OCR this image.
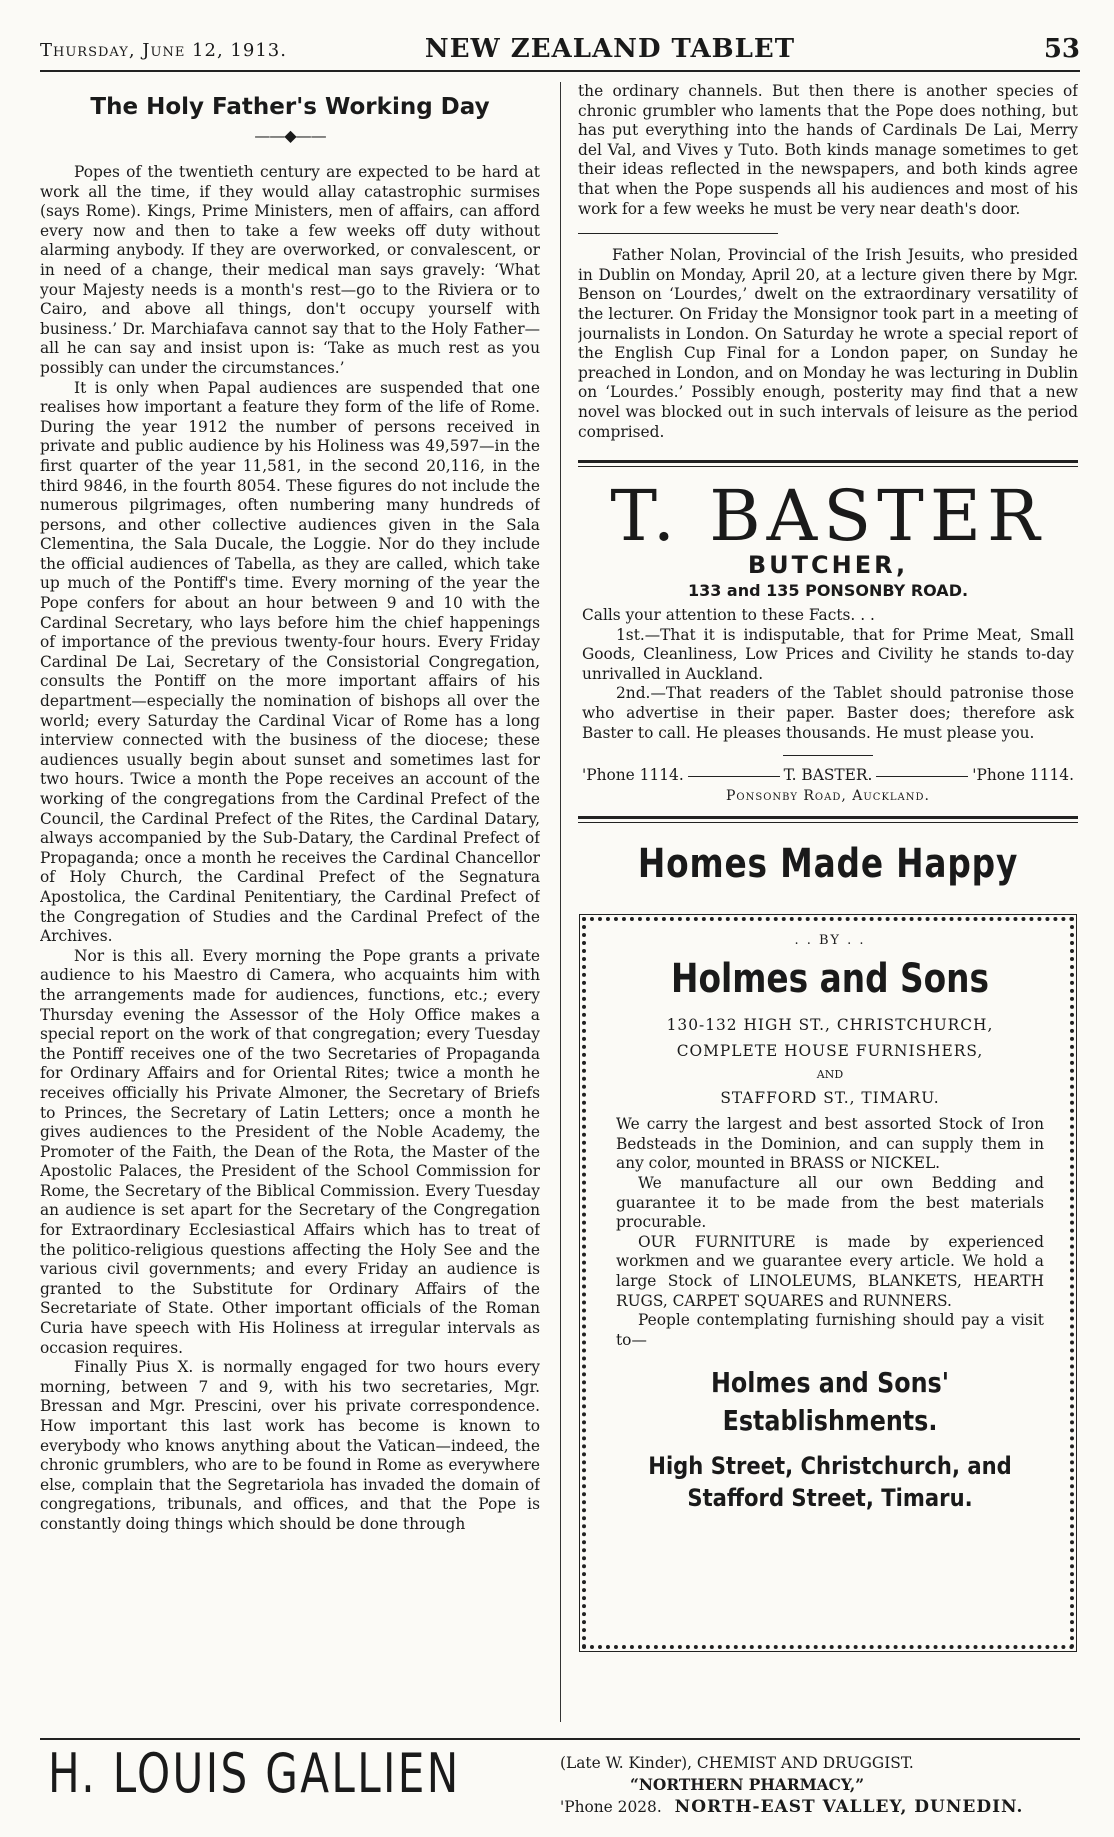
Thursday, June 12, 1913.	NEW ZEALAND TABLET	53
The Holy Father's Working Day
——◆——

Popes of the twentieth century are expected to be hard at work all the time, if they would allay catastrophic surmises (says Rome). Kings, Prime Ministers, men of affairs, can afford every now and then to take a few weeks off duty without alarming anybody. If they are overworked, or convalescent, or in need of a change, their medical man says gravely: ‘What your Majesty needs is a month's rest—go to the Riviera or to Cairo, and above all things, don't occupy yourself with business.’ Dr. Marchiafava cannot say that to the Holy Father—all he can say and insist upon is: ‘Take as much rest as you possibly can under the circumstances.’

It is only when Papal audiences are suspended that one realises how important a feature they form of the life of Rome. During the year 1912 the number of persons received in private and public audience by his Holiness was 49,597—in the first quarter of the year 11,581, in the second 20,116, in the third 9846, in the fourth 8054. These figures do not include the numerous pilgrimages, often numbering many hundreds of persons, and other collective audiences given in the Sala Clementina, the Sala Ducale, the Loggie. Nor do they include the official audiences of Tabella, as they are called, which take up much of the Pontiff's time. Every morning of the year the Pope confers for about an hour between 9 and 10 with the Cardinal Secretary, who lays before him the chief happenings of importance of the previous twenty-four hours. Every Friday Cardinal De Lai, Secretary of the Consistorial Congregation, consults the Pontiff on the more important affairs of his department—especially the nomination of bishops all over the world; every Saturday the Cardinal Vicar of Rome has a long interview connected with the business of the diocese; these audiences usually begin about sunset and sometimes last for two hours. Twice a month the Pope receives an account of the working of the congregations from the Cardinal Prefect of the Council, the Cardinal Prefect of the Rites, the Cardinal Datary, always accompanied by the Sub-Datary, the Cardinal Prefect of Propaganda; once a month he receives the Cardinal Chancellor of Holy Church, the Cardinal Prefect of the Segnatura Apostolica, the Cardinal Penitentiary, the Cardinal Prefect of the Congregation of Studies and the Cardinal Prefect of the Archives.

Nor is this all. Every morning the Pope grants a private audience to his Maestro di Camera, who acquaints him with the arrangements made for audiences, functions, etc.; every Thursday evening the Assessor of the Holy Office makes a special report on the work of that congregation; every Tuesday the Pontiff receives one of the two Secretaries of Propaganda for Ordinary Affairs and for Oriental Rites; twice a month he receives officially his Private Almoner, the Secretary of Briefs to Princes, the Secretary of Latin Letters; once a month he gives audiences to the President of the Noble Academy, the Promoter of the Faith, the Dean of the Rota, the Master of the Apostolic Palaces, the President of the School Commission for Rome, the Secretary of the Biblical Commission. Every Tuesday an audience is set apart for the Secretary of the Congregation for Extraordinary Ecclesiastical Affairs which has to treat of the politico-religious questions affecting the Holy See and the various civil governments; and every Friday an audience is granted to the Substitute for Ordinary Affairs of the Secretariate of State. Other important officials of the Roman Curia have speech with His Holiness at irregular intervals as occasion requires.

Finally Pius X. is normally engaged for two hours every morning, between 7 and 9, with his two secretaries, Mgr. Bressan and Mgr. Prescini, over his private correspondence. How important this last work has become is known to everybody who knows anything about the Vatican—indeed, the chronic grumblers, who are to be found in Rome as everywhere else, complain that the Segretariola has invaded the domain of congregations, tribunals, and offices, and that the Pope is constantly doing things which should be done through

the ordinary channels. But then there is another species of chronic grumbler who laments that the Pope does nothing, but has put everything into the hands of Cardinals De Lai, Merry del Val, and Vives y Tuto. Both kinds manage sometimes to get their ideas reflected in the newspapers, and both kinds agree that when the Pope suspends all his audiences and most of his work for a few weeks he must be very near death's door.

Father Nolan, Provincial of the Irish Jesuits, who presided in Dublin on Monday, April 20, at a lecture given there by Mgr. Benson on ‘Lourdes,’ dwelt on the extraordinary versatility of the lecturer. On Friday the Monsignor took part in a meeting of journalists in London. On Saturday he wrote a special report of the English Cup Final for a London paper, on Sunday he preached in London, and on Monday he was lecturing in Dublin on ‘Lourdes.’ Possibly enough, posterity may find that a new novel was blocked out in such intervals of leisure as the period comprised.

T. BASTER
BUTCHER,
133 and 135 PONSONBY ROAD.

Calls your attention to these Facts. . .

1st.—That it is indisputable, that for Prime Meat, Small Goods, Cleanliness, Low Prices and Civility he stands to-day unrivalled in Auckland.

2nd.—That readers of the Tablet should patronise those who advertise in their paper. Baster does; therefore ask Baster to call. He pleases thousands. He must please you.

'Phone 1114.	T. BASTER.	'Phone 1114.
Ponsonby Road, Auckland.
Homes Made Happy
. . BY . .
Holmes and Sons
130-132 HIGH ST., CHRISTCHURCH,
COMPLETE HOUSE FURNISHERS,
AND
STAFFORD ST., TIMARU.

We carry the largest and best assorted Stock of Iron Bedsteads in the Dominion, and can supply them in any color, mounted in BRASS or NICKEL.

We manufacture all our own Bedding and guarantee it to be made from the best materials procurable.

OUR FURNITURE is made by experienced workmen and we guarantee every article. We hold a large Stock of LINOLEUMS, BLANKETS, HEARTH RUGS, CARPET SQUARES and RUNNERS.

People contemplating furnishing should pay a visit to—

Holmes and Sons'
Establishments.
High Street, Christchurch, and
Stafford Street, Timaru.
H. LOUIS GALLIEN	(Late W. Kinder), CHEMIST AND DRUGGIST.
“NORTHERN PHARMACY,”
'Phone 2028. NORTH-EAST VALLEY, DUNEDIN.
